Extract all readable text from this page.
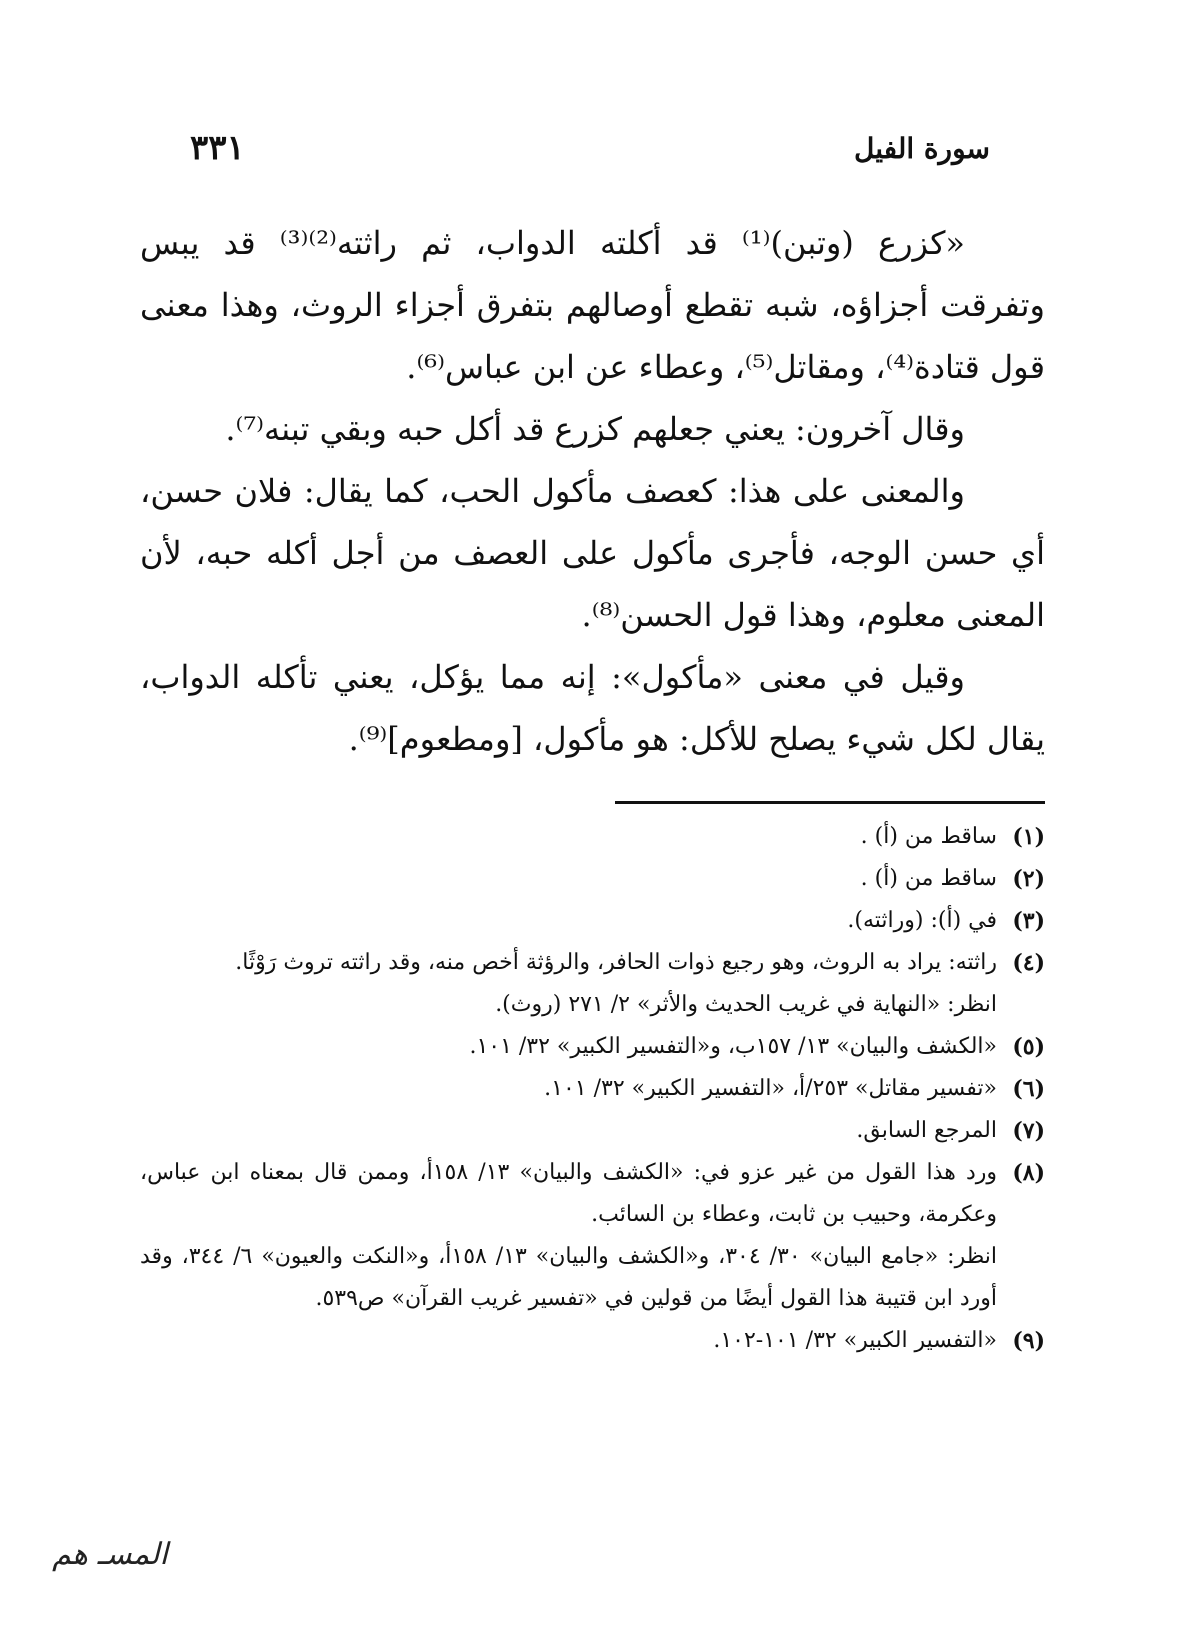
سورة الفيل
٣٣١

«كزرع (وتبن)⁽¹⁾ قد أكلته الدواب، ثم راثته⁽²⁾⁽³⁾ قد يبس وتفرقت أجزاؤه، شبه تقطع أوصالهم بتفرق أجزاء الروث، وهذا معنى قول قتادة⁽⁴⁾، ومقاتل⁽⁵⁾، وعطاء عن ابن عباس⁽⁶⁾.

وقال آخرون: يعني جعلهم كزرع قد أكل حبه وبقي تبنه⁽⁷⁾.

والمعنى على هذا: كعصف مأكول الحب، كما يقال: فلان حسن، أي حسن الوجه، فأجرى مأكول على العصف من أجل أكله حبه، لأن المعنى معلوم، وهذا قول الحسن⁽⁸⁾.

وقيل في معنى «مأكول»: إنه مما يؤكل، يعني تأكله الدواب، يقال لكل شيء يصلح للأكل: هو مأكول، [ومطعوم]⁽⁹⁾.

(١)
ساقط من (أ) .
(٢)
ساقط من (أ) .
(٣)
في (أ): (وراثته).
(٤)
راثته: يراد به الروث، وهو رجيع ذوات الحافر، والرؤثة أخص منه، وقد راثته تروث رَوْثًا.
انظر: «النهاية في غريب الحديث والأثر» ٢/ ٢٧١ (روث).
(٥)
«الكشف والبيان» ١٣/ ١٥٧ب، و«التفسير الكبير» ٣٢/ ١٠١.
(٦)
«تفسير مقاتل» ٢٥٣/أ، «التفسير الكبير» ٣٢/ ١٠١.
(٧)
المرجع السابق.
(٨)
ورد هذا القول من غير عزو في: «الكشف والبيان» ١٣/ ١٥٨أ، وممن قال بمعناه ابن عباس، وعكرمة، وحبيب بن ثابت، وعطاء بن السائب.
انظر: «جامع البيان» ٣٠/ ٣٠٤، و«الكشف والبيان» ١٣/ ١٥٨أ، و«النكت والعيون» ٦/ ٣٤٤، وقد أورد ابن قتيبة هذا القول أيضًا من قولين في «تفسير غريب القرآن» ص٥٣٩.
(٩)
«التفسير الكبير» ٣٢/ ١٠١-١٠٢.
المسـ هم
